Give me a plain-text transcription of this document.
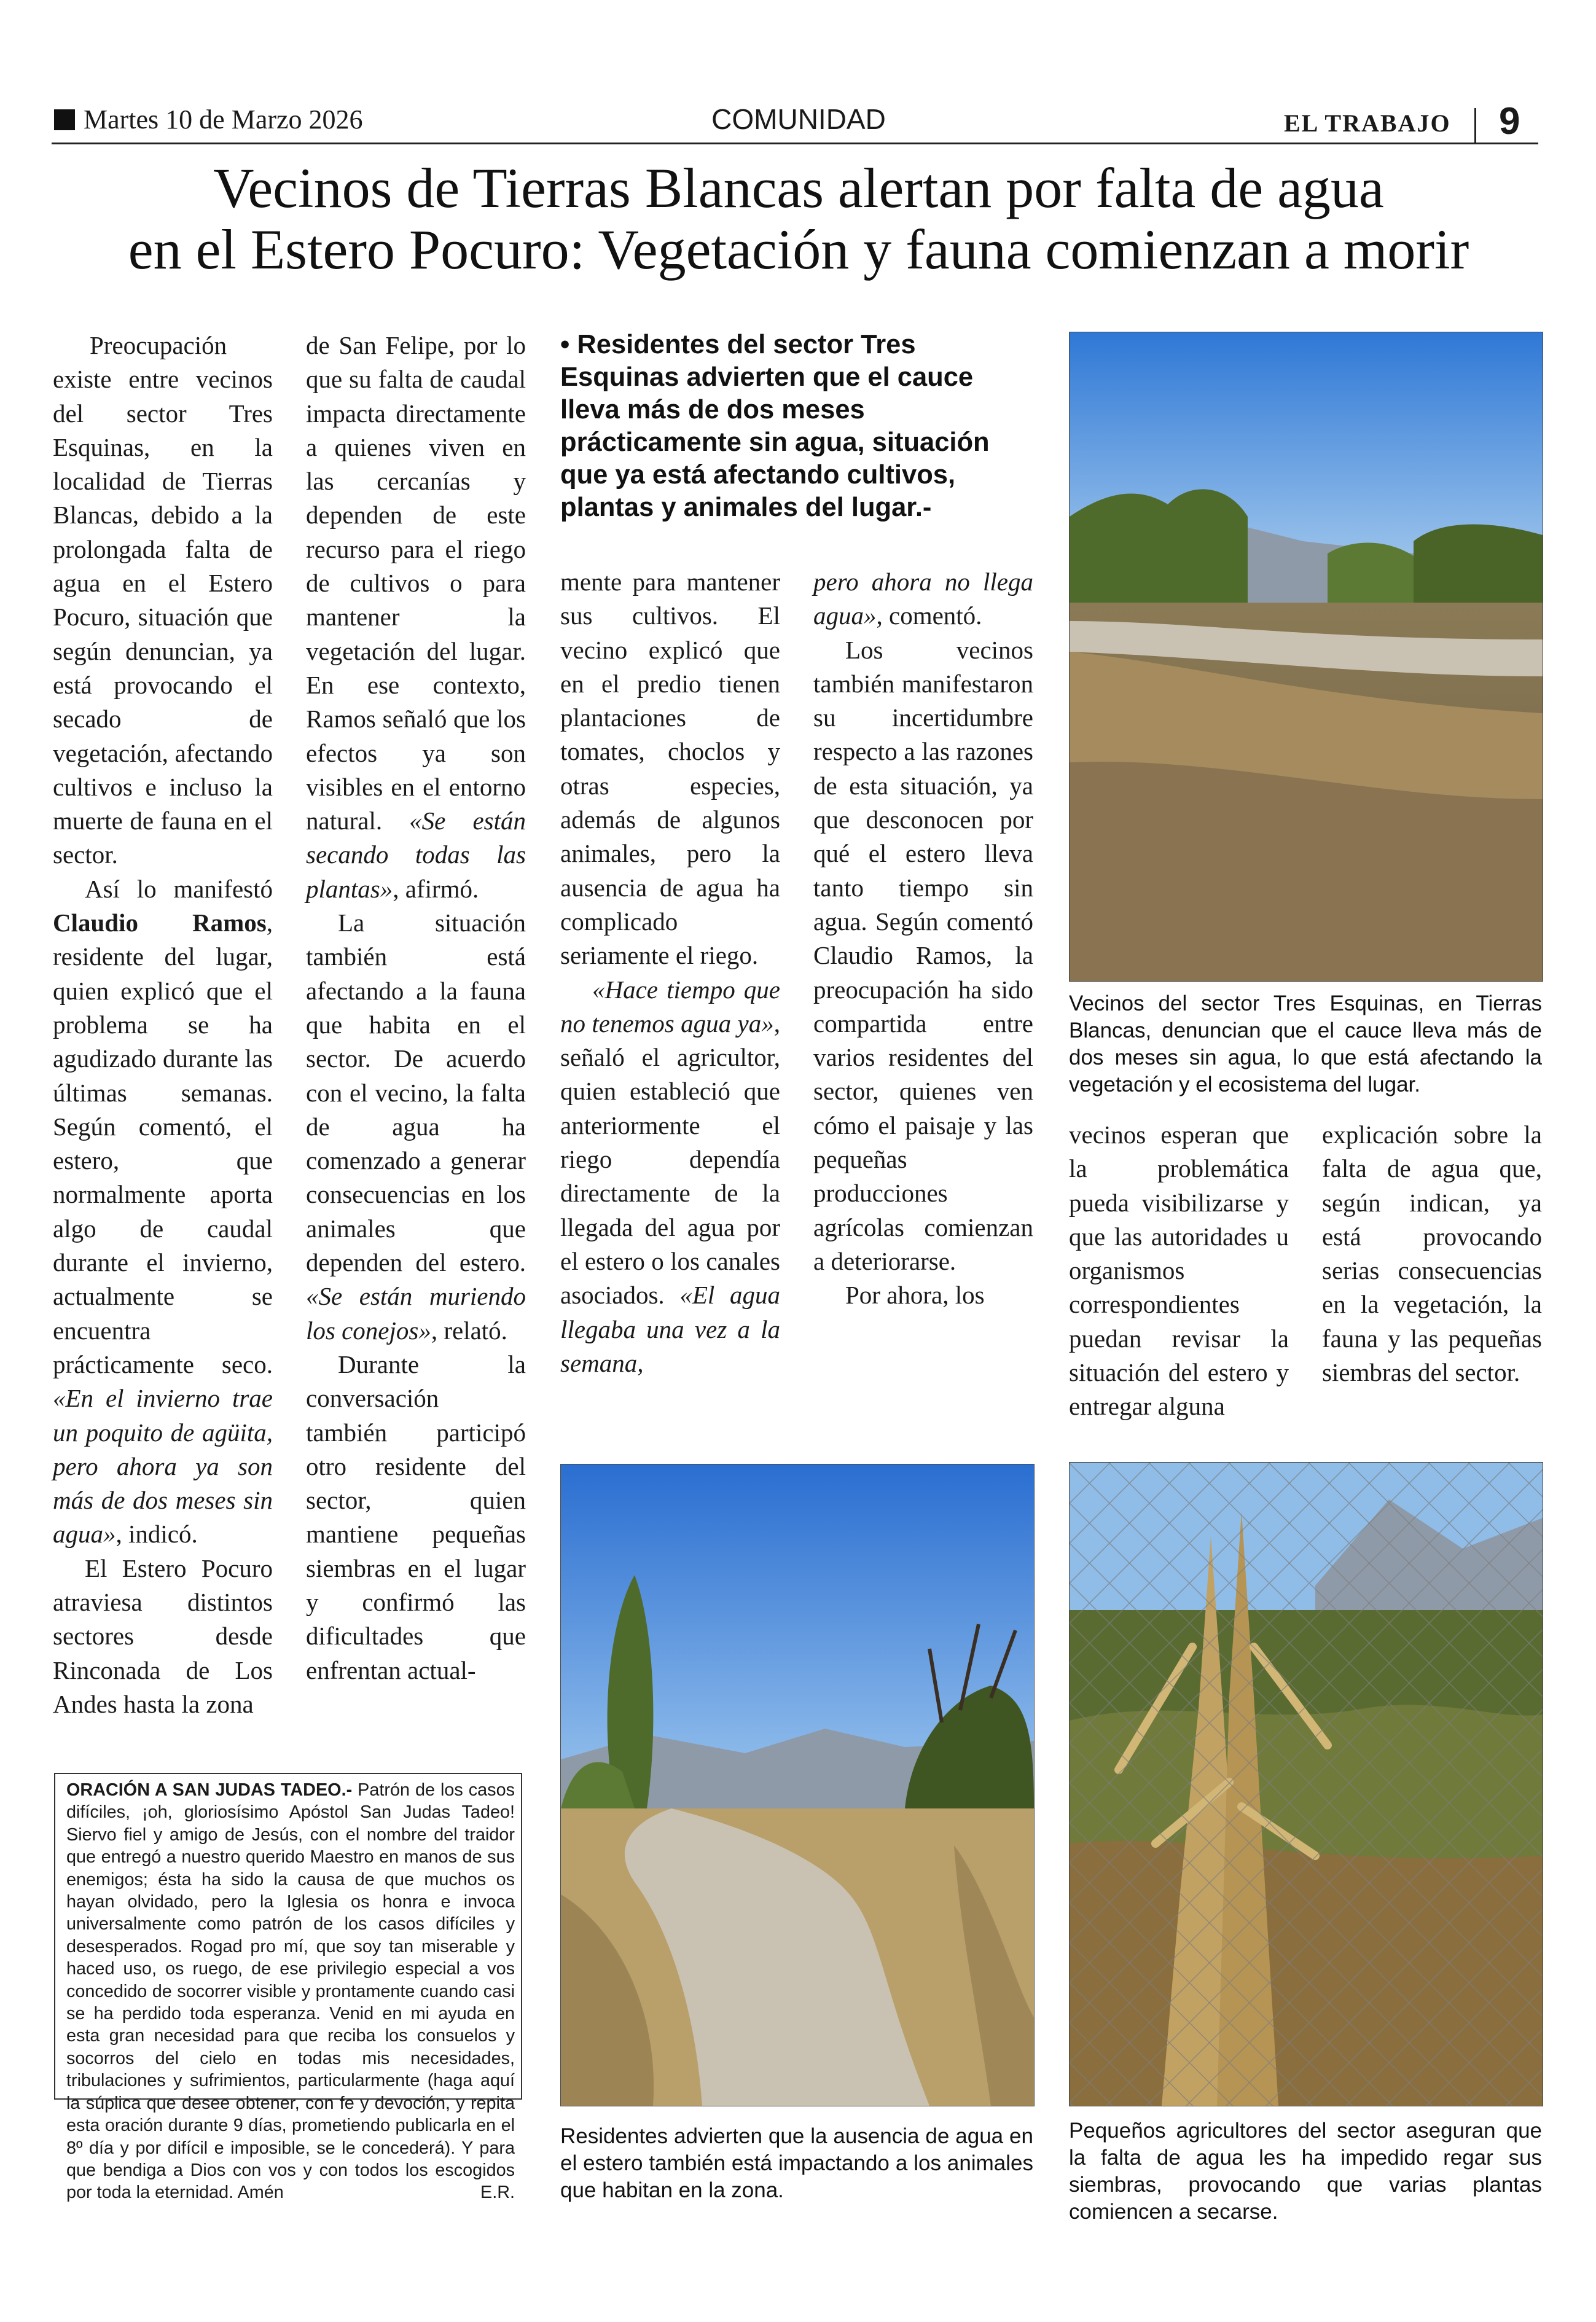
Martes 10 de Marzo 2026	COMUNIDAD	EL TRABAJO 9
Vecinos de Tierras Blancas alertan por falta de agua
en el Estero Pocuro: Vegetación y fauna comienzan a morir

Preocupación existe entre vecinos del sector Tres Esquinas, en la localidad de Tierras Blancas, debido a la prolongada falta de agua en el Estero Pocuro, situación que según denuncian, ya está provocando el secado de vegetación, afectando cultivos e incluso la muerte de fauna en el sector.

Así lo manifestó Claudio Ramos, residente del lugar, quien explicó que el problema se ha agudizado durante las últimas semanas. Según comentó, el estero, que normalmente aporta algo de caudal durante el invierno, actualmente se encuentra prácticamente seco. «En el invierno trae un poquito de agüita, pero ahora ya son más de dos meses sin agua», indicó.

El Estero Pocuro atraviesa distintos sectores desde Rinconada de Los Andes hasta la zona

de San Felipe, por lo que su falta de caudal impacta directamente a quienes viven en las cercanías y dependen de este recurso para el riego de cultivos o para mantener la vegetación del lugar. En ese contexto, Ramos señaló que los efectos ya son visibles en el entorno natural. «Se están secando todas las plantas», afirmó.

La situación también está afectando a la fauna que habita en el sector. De acuerdo con el vecino, la falta de agua ha comenzado a generar consecuencias en los animales que dependen del estero. «Se están muriendo los conejos», relató.

Durante la conversación también participó otro residente del sector, quien mantiene pequeñas siembras en el lugar y confirmó las dificultades que enfrentan actual-

• Residentes del sector Tres Esquinas advierten que el cauce lleva más de dos meses prácticamente sin agua, situación que ya está afectando cultivos, plantas y animales del lugar.-

mente para mantener sus cultivos. El vecino explicó que en el predio tienen plantaciones de tomates, choclos y otras especies, además de algunos animales, pero la ausencia de agua ha complicado seriamente el riego.

«Hace tiempo que no tenemos agua ya», señaló el agricultor, quien estableció que anteriormente el riego dependía directamente de la llegada del agua por el estero o los canales asociados. «El agua llegaba una vez a la semana,

pero ahora no llega agua», comentó.

Los vecinos también manifestaron su incertidumbre respecto a las razones de esta situación, ya que desconocen por qué el estero lleva tanto tiempo sin agua. Según comentó Claudio Ramos, la preocupación ha sido compartida entre varios residentes del sector, quienes ven cómo el paisaje y las pequeñas producciones agrícolas comienzan a deteriorarse.

Por ahora, los

vecinos esperan que la problemática pueda visibilizarse y que las autoridades u organismos correspondientes puedan revisar la situación del estero y entregar alguna

explicación sobre la falta de agua que, según indican, ya está provocando serias consecuencias en la vegetación, la fauna y las pequeñas siembras del sector.

Vecinos del sector Tres Esquinas, en Tierras Blancas, denuncian que el cauce lleva más de dos meses sin agua, lo que está afectando la vegetación y el ecosistema del lugar.
ORACIÓN A SAN JUDAS TADEO.- Patrón de los casos difíciles, ¡oh, gloriosísimo Apóstol San Judas Tadeo! Siervo fiel y amigo de Jesús, con el nombre del traidor que entregó a nuestro querido Maestro en manos de sus enemigos; ésta ha sido la causa de que muchos os hayan olvidado, pero la Iglesia os honra e invoca universalmente como patrón de los casos difíciles y desesperados. Rogad pro mí, que soy tan miserable y haced uso, os ruego, de ese privilegio especial a vos concedido de socorrer visible y prontamente cuando casi se ha perdido toda esperanza. Venid en mi ayuda en esta gran necesidad para que reciba los consuelos y socorros del cielo en todas mis necesidades, tribulaciones y sufrimientos, particularmente (haga aquí la súplica que desee obtener, con fe y devoción, y repita esta oración durante 9 días, prometiendo publicarla en el 8º día y por difícil e imposible, se le concederá). Y para que bendiga a Dios con vos y con todos los escogidos por toda la eternidad. Amén	E.R.
Residentes advierten que la ausencia de agua en el estero también está impactando a los animales que habitan en la zona.
Pequeños agricultores del sector aseguran que la falta de agua les ha impedido regar sus siembras, provocando que varias plantas comiencen a secarse.
